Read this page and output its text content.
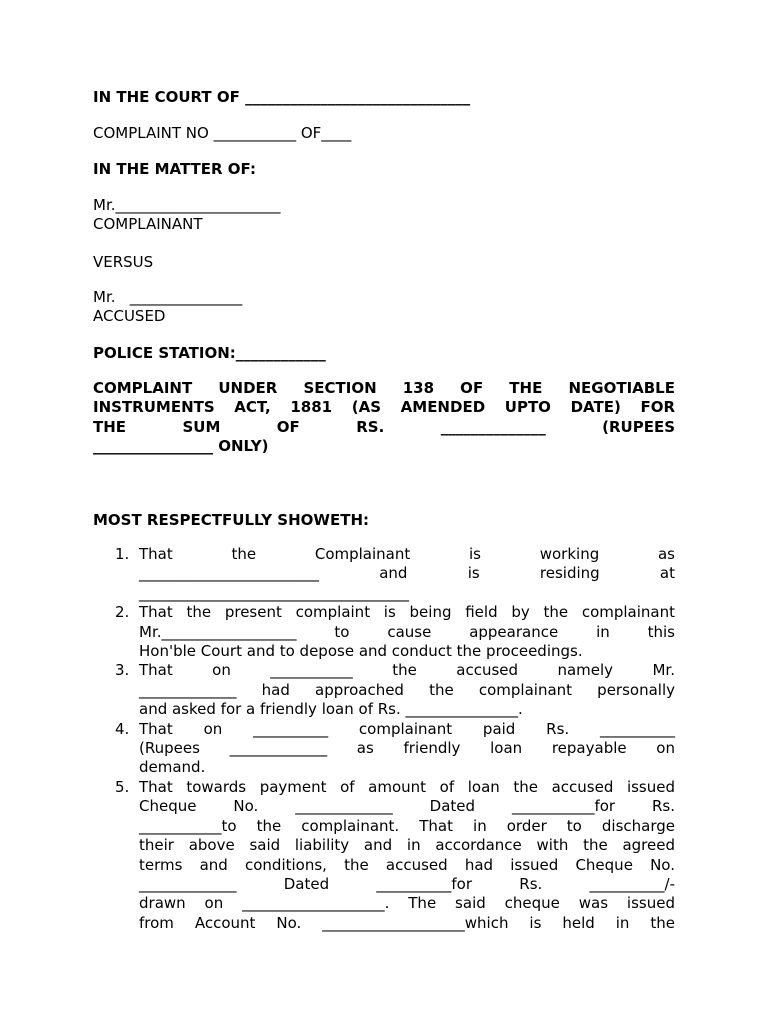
IN THE COURT OF ______________________________

COMPLAINT NO ___________ OF____

IN THE MATTER OF:

Mr.______________________
COMPLAINANT

VERSUS

Mr.   _______________
ACCUSED

POLICE STATION:____________

COMPLAINT UNDER SECTION 138 OF THE NEGOTIABLE
INSTRUMENTS ACT, 1881 (AS AMENDED UPTO DATE) FOR
THE SUM OF RS. ______________ (RUPEES
________________ ONLY)

MOST RESPECTFULLY SHOWETH:

1. That the Complainant is working as
________________________ and is residing at
____________________________________
2. That the present complaint is being field by the complainant
Mr.__________________ to cause appearance in this
Hon'ble Court and to depose and conduct the proceedings.
3. That on ___________ the accused namely Mr.
_____________ had approached the complainant personally
and asked for a friendly loan of Rs. _______________.
4. That on __________ complainant paid Rs. __________
(Rupees _____________ as friendly loan repayable on
demand.
5. That towards payment of amount of loan the accused issued
Cheque No. _____________ Dated ___________for Rs.
___________to the complainant. That in order to discharge
their above said liability and in accordance with the agreed
terms and conditions, the accused had issued Cheque No.
_____________ Dated __________for Rs. __________/-
drawn on ___________________. The said cheque was issued
from Account No. ___________________which is held in the
